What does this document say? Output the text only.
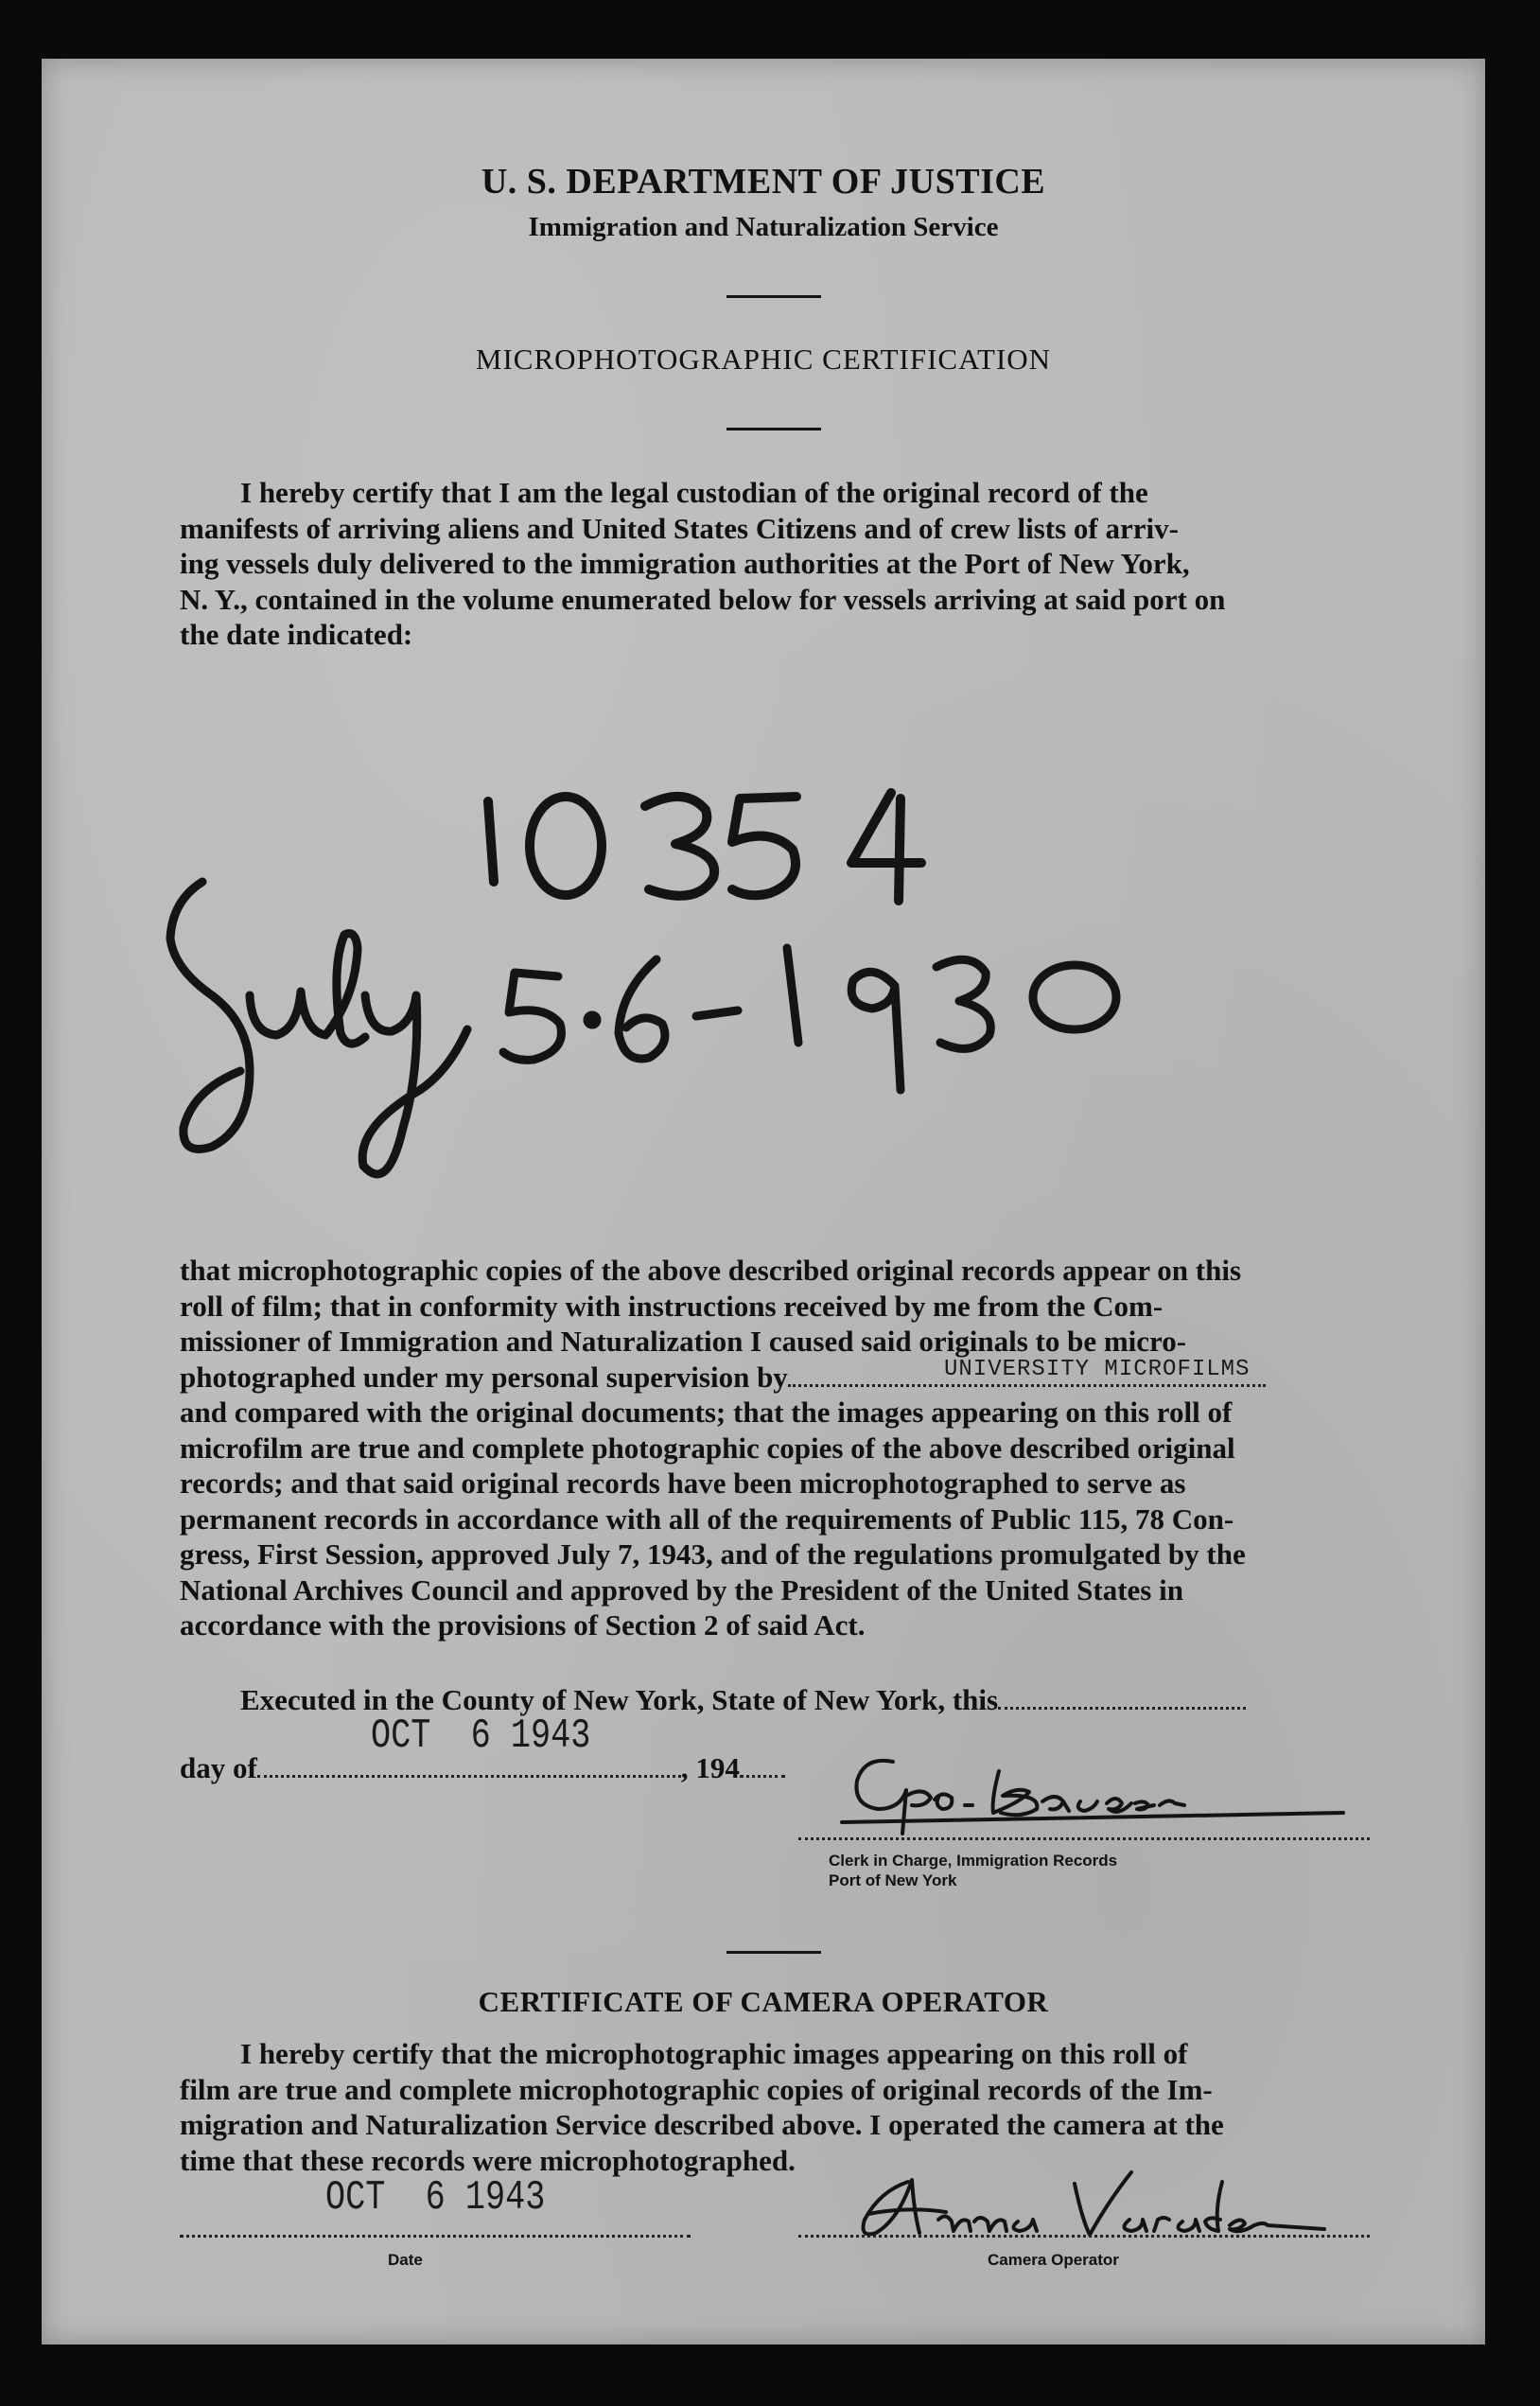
U. S. DEPARTMENT OF JUSTICE
Immigration and Naturalization Service
MICROPHOTOGRAPHIC CERTIFICATION
I hereby certify that I am the legal custodian of the original record of the
manifests of arriving aliens and United States Citizens and of crew lists of arriv-
ing vessels duly delivered to the immigration authorities at the Port of New York,
N. Y., contained in the volume enumerated below for vessels arriving at said port on
the date indicated:
that microphotographic copies of the above described original records appear on this
roll of film; that in conformity with instructions received by me from the Com-
missioner of Immigration and Naturalization I caused said originals to be micro-
photographed under my personal supervision by
and compared with the original documents; that the images appearing on this roll of
microfilm are true and complete photographic copies of the above described original
records; and that said original records have been microphotographed to serve as
permanent records in accordance with all of the requirements of Public 115, 78 Con-
gress, First Session, approved July 7, 1943, and of the regulations promulgated by the
National Archives Council and approved by the President of the United States in
accordance with the provisions of Section 2 of said Act.
UNIVERSITY MICROFILMS
Executed in the County of New York, State of New York, this
day of	, 194
OCT  6 1943
Clerk in Charge, Immigration Records
Port of New York
CERTIFICATE OF CAMERA OPERATOR
I hereby certify that the microphotographic images appearing on this roll of
film are true and complete microphotographic copies of original records of the Im-
migration and Naturalization Service described above. I operated the camera at the
time that these records were microphotographed.
OCT  6 1943
Date	Camera Operator
